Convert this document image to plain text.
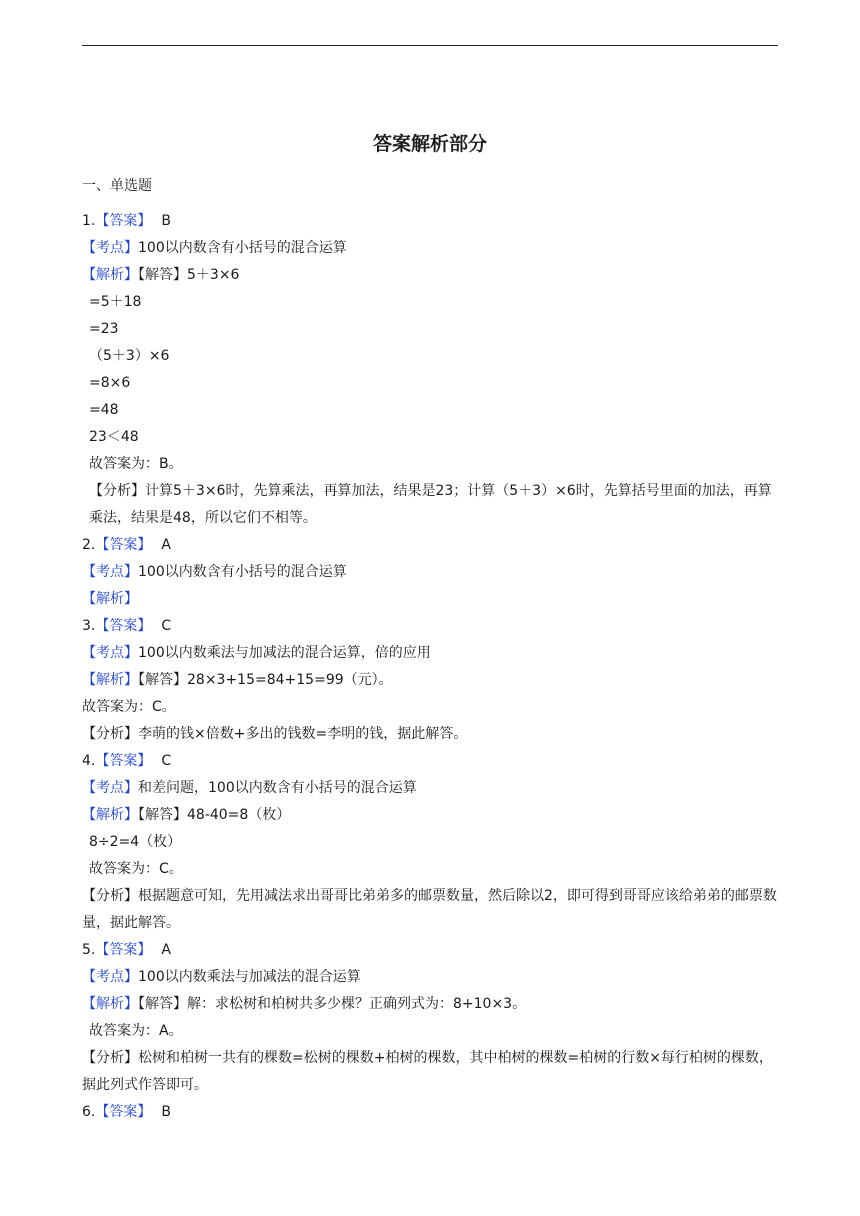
答案解析部分
一、单选题
1.【答案】 B
【考点】100以内数含有小括号的混合运算
【解析】【解答】5＋3×6
=5＋18
=23
（5＋3）×6
=8×6
=48
23＜48
故答案为：B。
【分析】计算5＋3×6时，先算乘法，再算加法，结果是23；计算（5＋3）×6时，先算括号里面的加法，再算乘法，结果是48，所以它们不相等。
2.【答案】 A
【考点】100以内数含有小括号的混合运算
【解析】
3.【答案】 C
【考点】100以内数乘法与加减法的混合运算，倍的应用
【解析】【解答】28×3+15=84+15=99（元）。
故答案为：C。
【分析】李萌的钱×倍数+多出的钱数=李明的钱，据此解答。
4.【答案】 C
【考点】和差问题，100以内数含有小括号的混合运算
【解析】【解答】48-40=8（枚）
8÷2=4（枚）
故答案为：C。
【分析】根据题意可知，先用减法求出哥哥比弟弟多的邮票数量，然后除以2，即可得到哥哥应该给弟弟的邮票数量，据此解答。
5.【答案】 A
【考点】100以内数乘法与加减法的混合运算
【解析】【解答】解：求松树和柏树共多少棵？正确列式为：8+10×3。
故答案为：A。
【分析】松树和柏树一共有的棵数=松树的棵数+柏树的棵数，其中柏树的棵数=柏树的行数×每行柏树的棵数，据此列式作答即可。
6.【答案】 B
